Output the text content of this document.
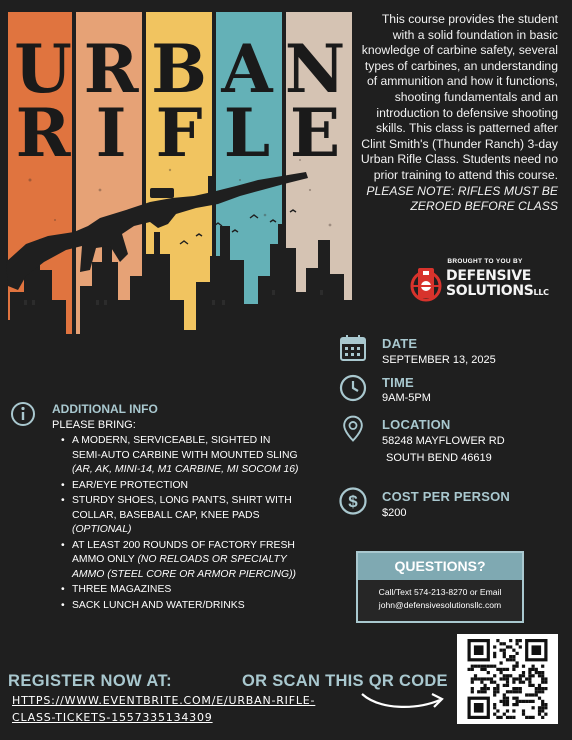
U R B A N
R I F L E
This course provides the student with a solid foundation in basic knowledge of carbine safety, several types of carbines, an understanding of ammunition and how it functions, shooting fundamentals and an introduction to defensive shooting skills. This class is patterned after Clint Smith's (Thunder Ranch) 3-day Urban Rifle Class. Students need no prior training to attend this course. PLEASE NOTE: RIFLES MUST BE ZEROED BEFORE CLASS
BROUGHT TO YOU BY
DEFENSIVE
SOLUTIONSLLC
DATE
SEPTEMBER 13, 2025
TIME
9AM-5PM
LOCATION
58248 MAYFLOWER RD
SOUTH BEND 46619
$ COST PER PERSON
$200
ADDITIONAL INFO
PLEASE BRING:
• A MODERN, SERVICEABLE, SIGHTED IN SEMI-AUTO CARBINE WITH MOUNTED SLING (AR, AK, MINI-14, M1 CARBINE, MI SOCOM 16)
• EAR/EYE PROTECTION
• STURDY SHOES, LONG PANTS, SHIRT WITH COLLAR, BASEBALL CAP, KNEE PADS (OPTIONAL)
• AT LEAST 200 ROUNDS OF FACTORY FRESH AMMO ONLY (NO RELOADS OR SPECIALTY AMMO (STEEL CORE OR ARMOR PIERCING))
• THREE MAGAZINES
• SACK LUNCH AND WATER/DRINKS
QUESTIONS?
Call/Text 574-213-8270 or Email
john@defensivesolutionsllc.com
REGISTER NOW AT:	OR SCAN THIS QR CODE
HTTPS://WWW.EVENTBRITE.COM/E/URBAN-RIFLE-
CLASS-TICKETS-1557335134309
